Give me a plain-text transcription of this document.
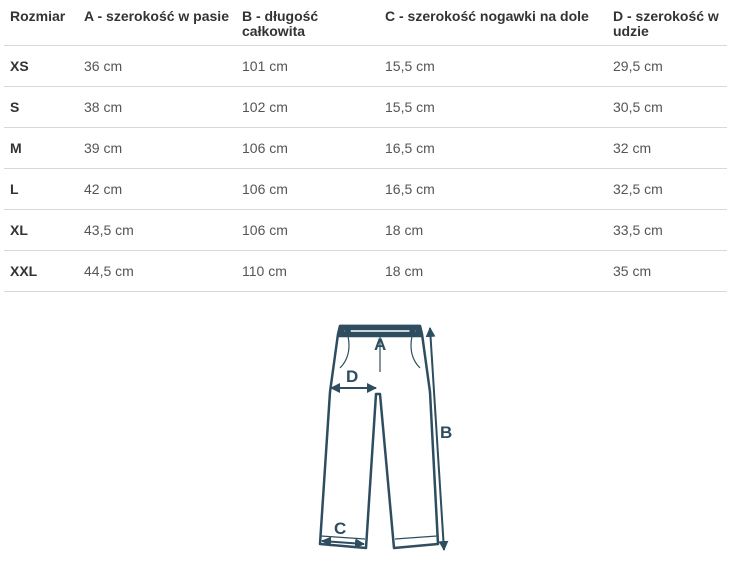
Rozmiar	A - szerokość w pasie	B - długość całkowita	C - szerokość nogawki na dole	D - szerokość w udzie
XS	36 cm	101 cm	15,5 cm	29,5 cm
S	38 cm	102 cm	15,5 cm	30,5 cm
M	39 cm	106 cm	16,5 cm	32 cm
L	42 cm	106 cm	16,5 cm	32,5 cm
XL	43,5 cm	106 cm	18 cm	33,5 cm
XXL	44,5 cm	110 cm	18 cm	35 cm
A
B
D
C
